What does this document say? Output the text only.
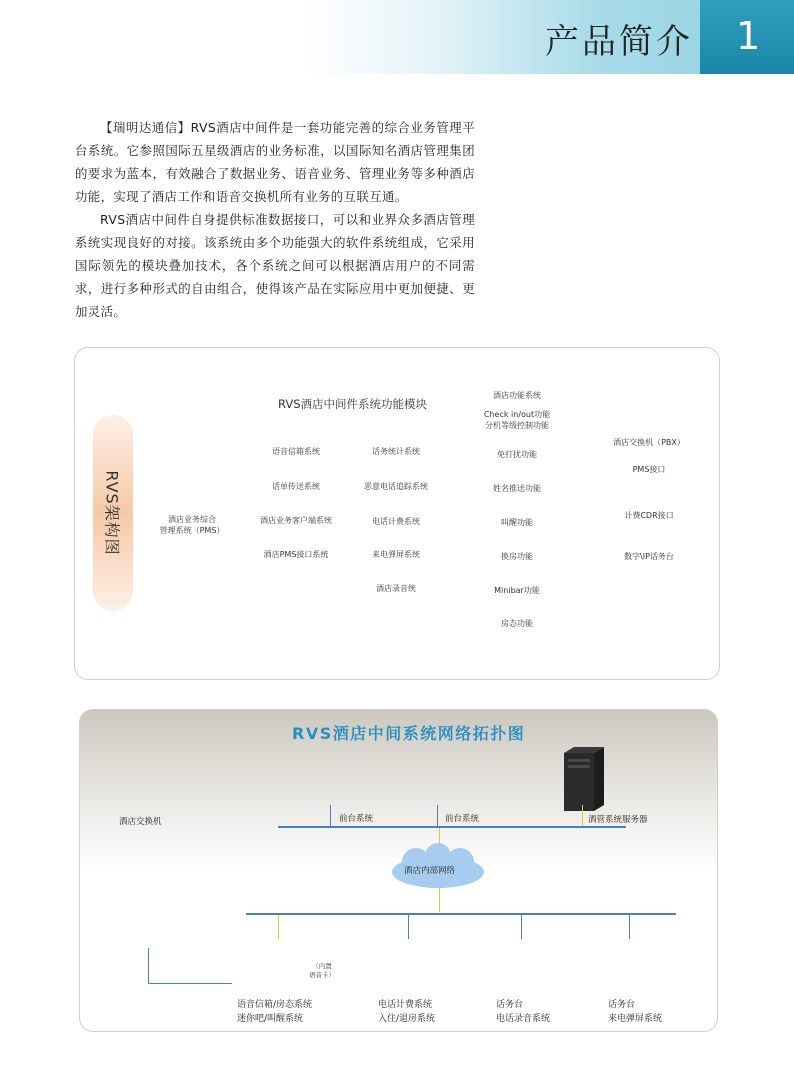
产品简介 1

【瑞明达通信】RVS酒店中间件是一套功能完善的综合业务管理平台系统。它参照国际五星级酒店的业务标准，以国际知名酒店管理集团的要求为蓝本，有效融合了数据业务、语音业务、管理业务等多种酒店功能，实现了酒店工作和语音交换机所有业务的互联互通。

RVS酒店中间件自身提供标准数据接口，可以和业界众多酒店管理系统实现良好的对接。该系统由多个功能强大的软件系统组成，它采用国际领先的模块叠加技术，各个系统之间可以根据酒店用户的不同需求，进行多种形式的自由组合，使得该产品在实际应用中更加便捷、更加灵活。

RVS架构图
RVS酒店中间件系统功能模块
酒店业务综合
管理系统（PMS）
语音信箱系统
话单传送系统
酒店业务客户端系统
酒店PMS接口系统
话务统计系统
恶意电话追踪系统
电话计费系统
来电弹屏系统
酒店录音统
酒店功能系统
Check in/out功能
分机等级控制功能
免打扰功能
姓名推送功能
叫醒功能
换房功能
Minibar功能
房态功能
酒店交换机（PBX）
PMS接口
计费CDR接口
数字\IP话务台
RVS酒店中间系统网络拓扑图
酒店交换机	前台系统	前台系统	酒管系统服务器
酒店内部网络
（内置
语音卡）
语音信箱/房态系统
迷你吧/叫醒系统
电话计费系统
入住/退房系统
话务台
电话录音系统
话务台
来电弹屏系统
